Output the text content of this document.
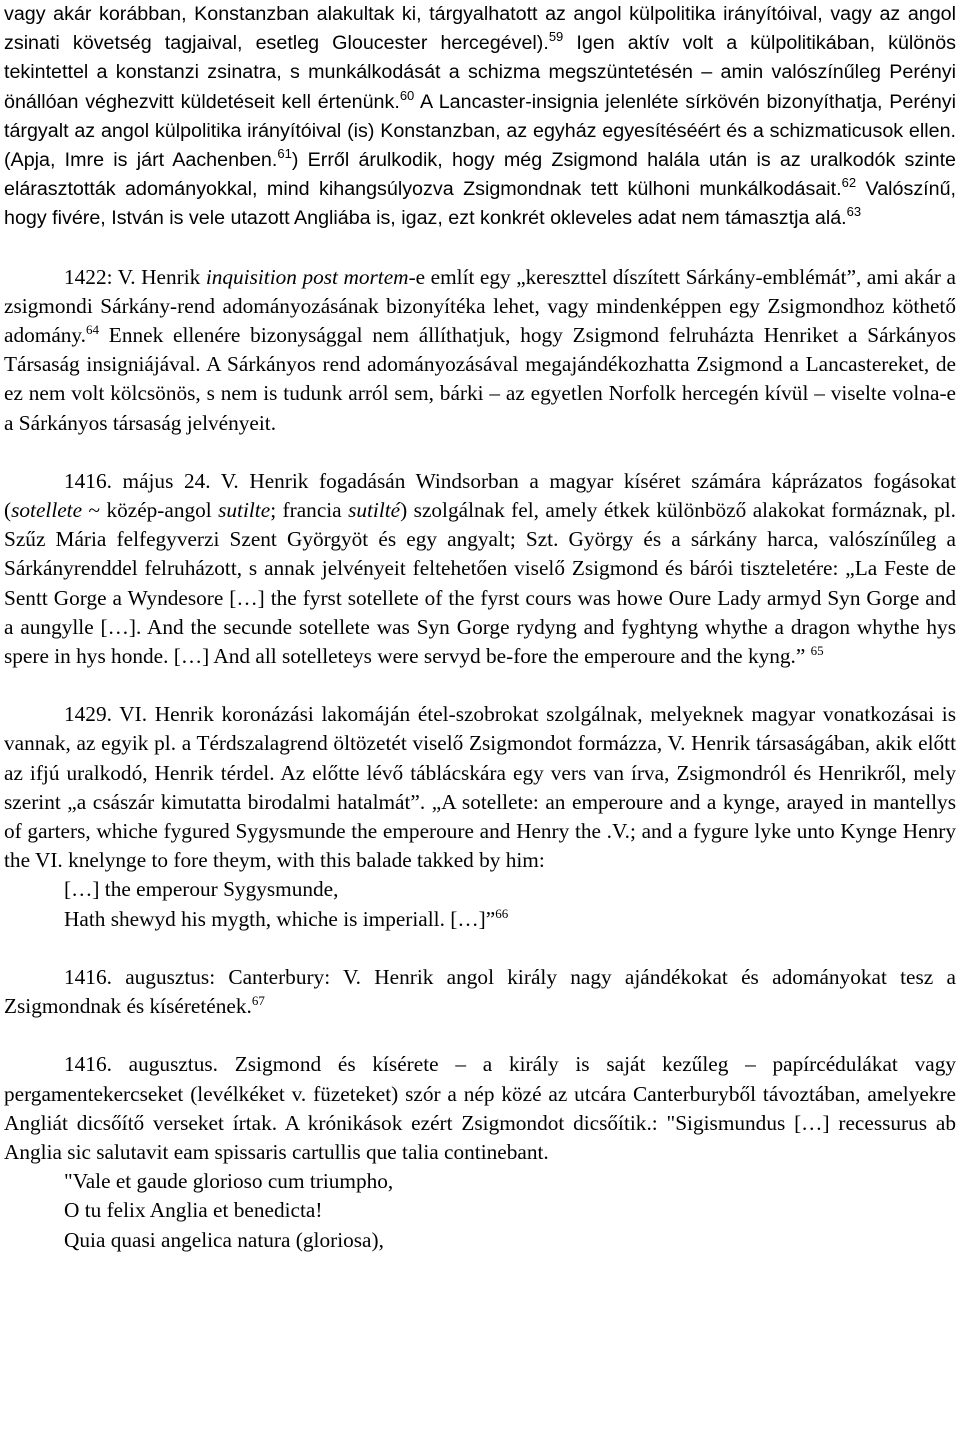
vagy akár korábban, Konstanzban alakultak ki, tárgyalhatott az angol külpolitika irányítóival, vagy az angol zsinati követség tagjaival, esetleg Gloucester hercegével).$^{59}$ Igen aktív volt a külpolitikában, különös tekintettel a konstanzi zsinatra, s munkálkodását a schizma megszüntetésén – amin valószínűleg Perényi önállóan véghezvitt küldetéseit kell értenünk.$^{60}$ A Lancaster-insignia jelenléte sírkövén bizonyíthatja, Perényi tárgyalt az angol külpolitika irányítóival (is) Konstanzban, az egyház egyesítéséért és a schizmaticusok ellen. (Apja, Imre is járt Aachenben.$^{61}$) Erről árulkodik, hogy még Zsigmond halála után is az uralkodók szinte elárasztották adományokkal, mind kihangsúlyozva Zsigmondnak tett külhoni munkálkodásait.$^{62}$ Valószínű, hogy fivére, István is vele utazott Angliába is, igaz, ezt konkrét okleveles adat nem támasztja alá.$^{63}$

1422: V. Henrik inquisition post mortem-e említ egy „kereszttel díszített Sárkány-emblémát”, ami akár a zsigmondi Sárkány-rend adományozásának bizonyítéka lehet, vagy mindenképpen egy Zsigmondhoz köthető adomány.$^{64}$ Ennek ellenére bizonysággal nem állíthatjuk, hogy Zsigmond felruházta Henriket a Sárkányos Társaság insigniájával. A Sárkányos rend adományozásával megajándékozhatta Zsigmond a Lancastereket, de ez nem volt kölcsönös, s nem is tudunk arról sem, bárki – az egyetlen Norfolk hercegén kívül – viselte volna-e a Sárkányos társaság jelvényeit.

1416. május 24. V. Henrik fogadásán Windsorban a magyar kíséret számára káprázatos fogásokat (sotellete ~ közép-angol sutilte; francia sutilté) szolgálnak fel, amely étkek különböző alakokat formáznak, pl. Szűz Mária felfegyverzi Szent Györgyöt és egy angyalt; Szt. György és a sárkány harca, valószínűleg a Sárkányrenddel felruházott, s annak jelvényeit feltehetően viselő Zsigmond és bárói tiszteletére: „La Feste de Sentt Gorge a Wyndesore […] the fyrst sotellete of the fyrst cours was howe Oure Lady armyd Syn Gorge and a aungylle […]. And the secunde sotellete was Syn Gorge rydyng and fyghtyng whythe a dragon whythe hys spere in hys honde. […] And all sotelleteys were servyd be-fore the emperoure and the kyng.” $^{65}$

1429. VI. Henrik koronázási lakomáján étel-szobrokat szolgálnak, melyeknek magyar vonatkozásai is vannak, az egyik pl. a Térdszalagrend öltözetét viselő Zsigmondot formázza, V. Henrik társaságában, akik előtt az ifjú uralkodó, Henrik térdel. Az előtte lévő táblácskára egy vers van írva, Zsigmondról és Henrikről, mely szerint „a császár kimutatta birodalmi hatalmát”. „A sotellete: an emperoure and a kynge, arayed in mantellys of garters, whiche fygured Sygysmunde the emperoure and Henry the .V.; and a fygure lyke unto Kynge Henry the VI. knelynge to fore theym, with this balade takked by him:

[…] the emperour Sygysmunde,

Hath shewyd his mygth, whiche is imperiall. […]”$^{66}$

1416. augusztus: Canterbury: V. Henrik angol király nagy ajándékokat és adományokat tesz a Zsigmondnak és kíséretének.$^{67}$

1416. augusztus. Zsigmond és kísérete – a király is saját kezűleg – papírcédulákat vagy pergamentekercseket (levélkéket v. füzeteket) szór a nép közé az utcára Canterburyből távoztában, amelyekre Angliát dicsőítő verseket írtak. A krónikások ezért Zsigmondot dicsőítik.: "Sigismundus […] recessurus ab Anglia sic salutavit eam spissaris cartullis que talia continebant.

"Vale et gaude glorioso cum triumpho,

O tu felix Anglia et benedicta!

Quia quasi angelica natura (gloriosa),
